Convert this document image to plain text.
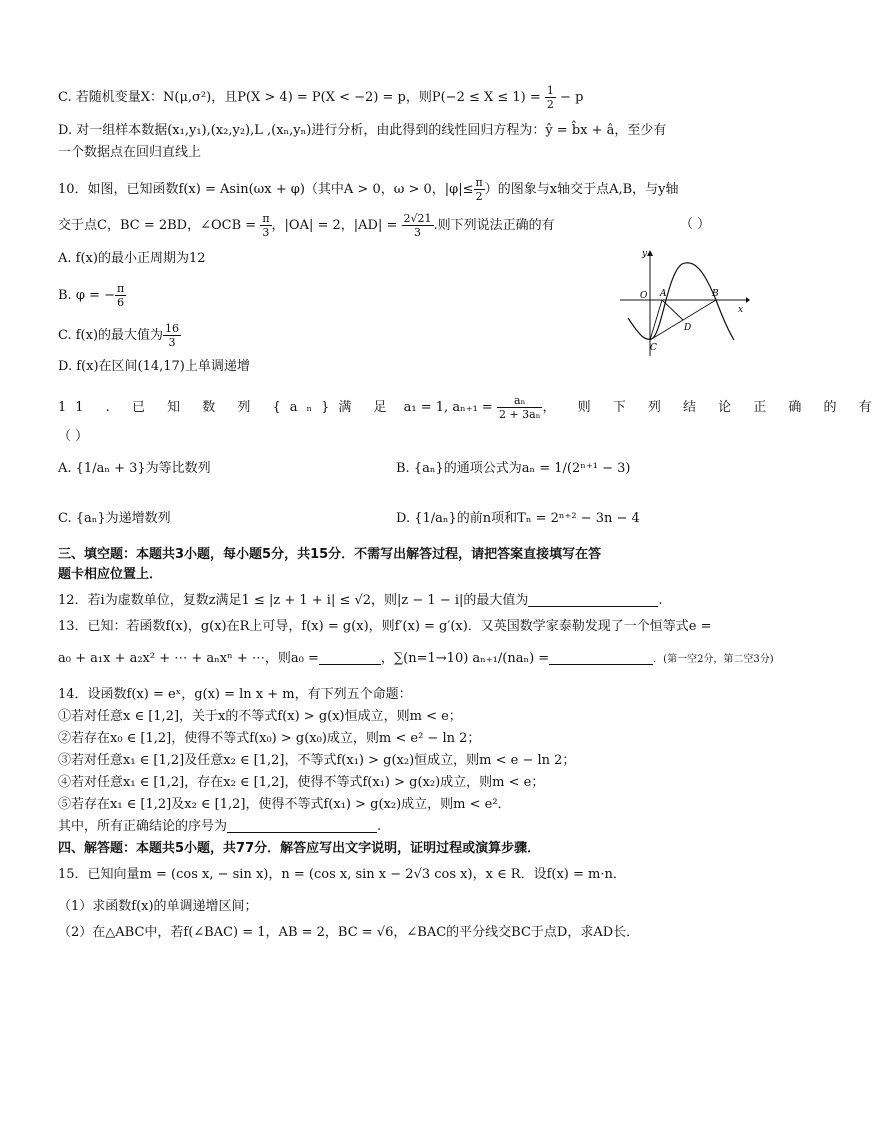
C. 若随机变量X：N(μ,σ²)，且P(X > 4) = P(X < −2) = p，则$P(-2 \le X \le 1) = \frac{1}{2} - p$
D. 对一组样本数据(x₁,y₁),(x₂,y₂),L ,(xₙ,yₙ)进行分析，由此得到的线性回归方程为：ŷ = b̂x + â，至少有
一个数据点在回归直线上
10．如图，已知函数f(x) = Asin(ωx + φ)（其中A > 0，ω > 0，$|\varphi|\le \frac{\pi}{2}$ ）的图象与x轴交于点A,B，与y轴
交于点C，BC = 2BD，∠OCB = $\frac{\pi}{3}$ ，|OA| = 2，$|AD| = \frac{2√21}{3}$ .则下列说法正确的有	（ ）
A. f(x)的最小正周期为12
B. φ = − $\frac{\pi}{6}$
C. f(x)的最大值为 $\frac{16}{3}$
D. f(x)在区间(14,17)上单调递增
y
x
O A	B
C
D
11 . 已 知 数 列 {aₙ}满 足 a₁ = 1, $a_{n+1} = \frac{\text{aₙ}}{\text{2 + 3aₙ}}$ ， 则 下 列 结 论 正 确 的 有
（ ）
A. {1/aₙ + 3}为等比数列	B. {aₙ}的通项公式为aₙ = 1/(2ⁿ⁺¹ − 3)
C. {aₙ}为递增数列	D. {1/aₙ}的前n项和Tₙ = 2ⁿ⁺² − 3n − 4
三、填空题：本题共3小题，每小题5分，共15分．不需写出解答过程，请把答案直接填写在答
题卡相应位置上．
12．若i为虚数单位，复数z满足1 ≤ |z + 1 + i| ≤ √2，则|z − 1 − i|的最大值为	.
13．已知：若函数f(x)，g(x)在R上可导，f(x) = g(x)，则f′(x) = g′(x)．又英国数学家泰勒发现了一个恒等式e =
a₀ + a₁x + a₂x² + ⋯ + aₙxⁿ + ⋯，则a₀ =	，∑(n=1→10) aₙ₊₁/(naₙ) =	．(第一空2分，第二空3分)
14．设函数f(x) = eˣ，g(x) = ln x + m，有下列五个命题：
①若对任意x ∈ [1,2]，关于x的不等式f(x) > g(x)恒成立，则m < e；
②若存在x₀ ∈ [1,2]，使得不等式f(x₀) > g(x₀)成立，则m < e² − ln 2；
③若对任意x₁ ∈ [1,2]及任意x₂ ∈ [1,2]，不等式f(x₁) > g(x₂)恒成立，则m < e − ln 2；
④若对任意x₁ ∈ [1,2]，存在x₂ ∈ [1,2]，使得不等式f(x₁) > g(x₂)成立，则m < e；
⑤若存在x₁ ∈ [1,2]及x₂ ∈ [1,2]，使得不等式f(x₁) > g(x₂)成立，则m < e²．
其中，所有正确结论的序号为	.
四、解答题：本题共5小题，共77分．解答应写出文字说明，证明过程或演算步骤．
15．已知向量m = (cos x, − sin x)，n = (cos x, sin x − 2√3 cos x)，x ∈ R．设f(x) = m·n．
（1）求函数f(x)的单调递增区间；
（2）在△ABC中，若f(∠BAC) = 1，AB = 2，BC = √6，∠BAC的平分线交BC于点D，求AD长．
